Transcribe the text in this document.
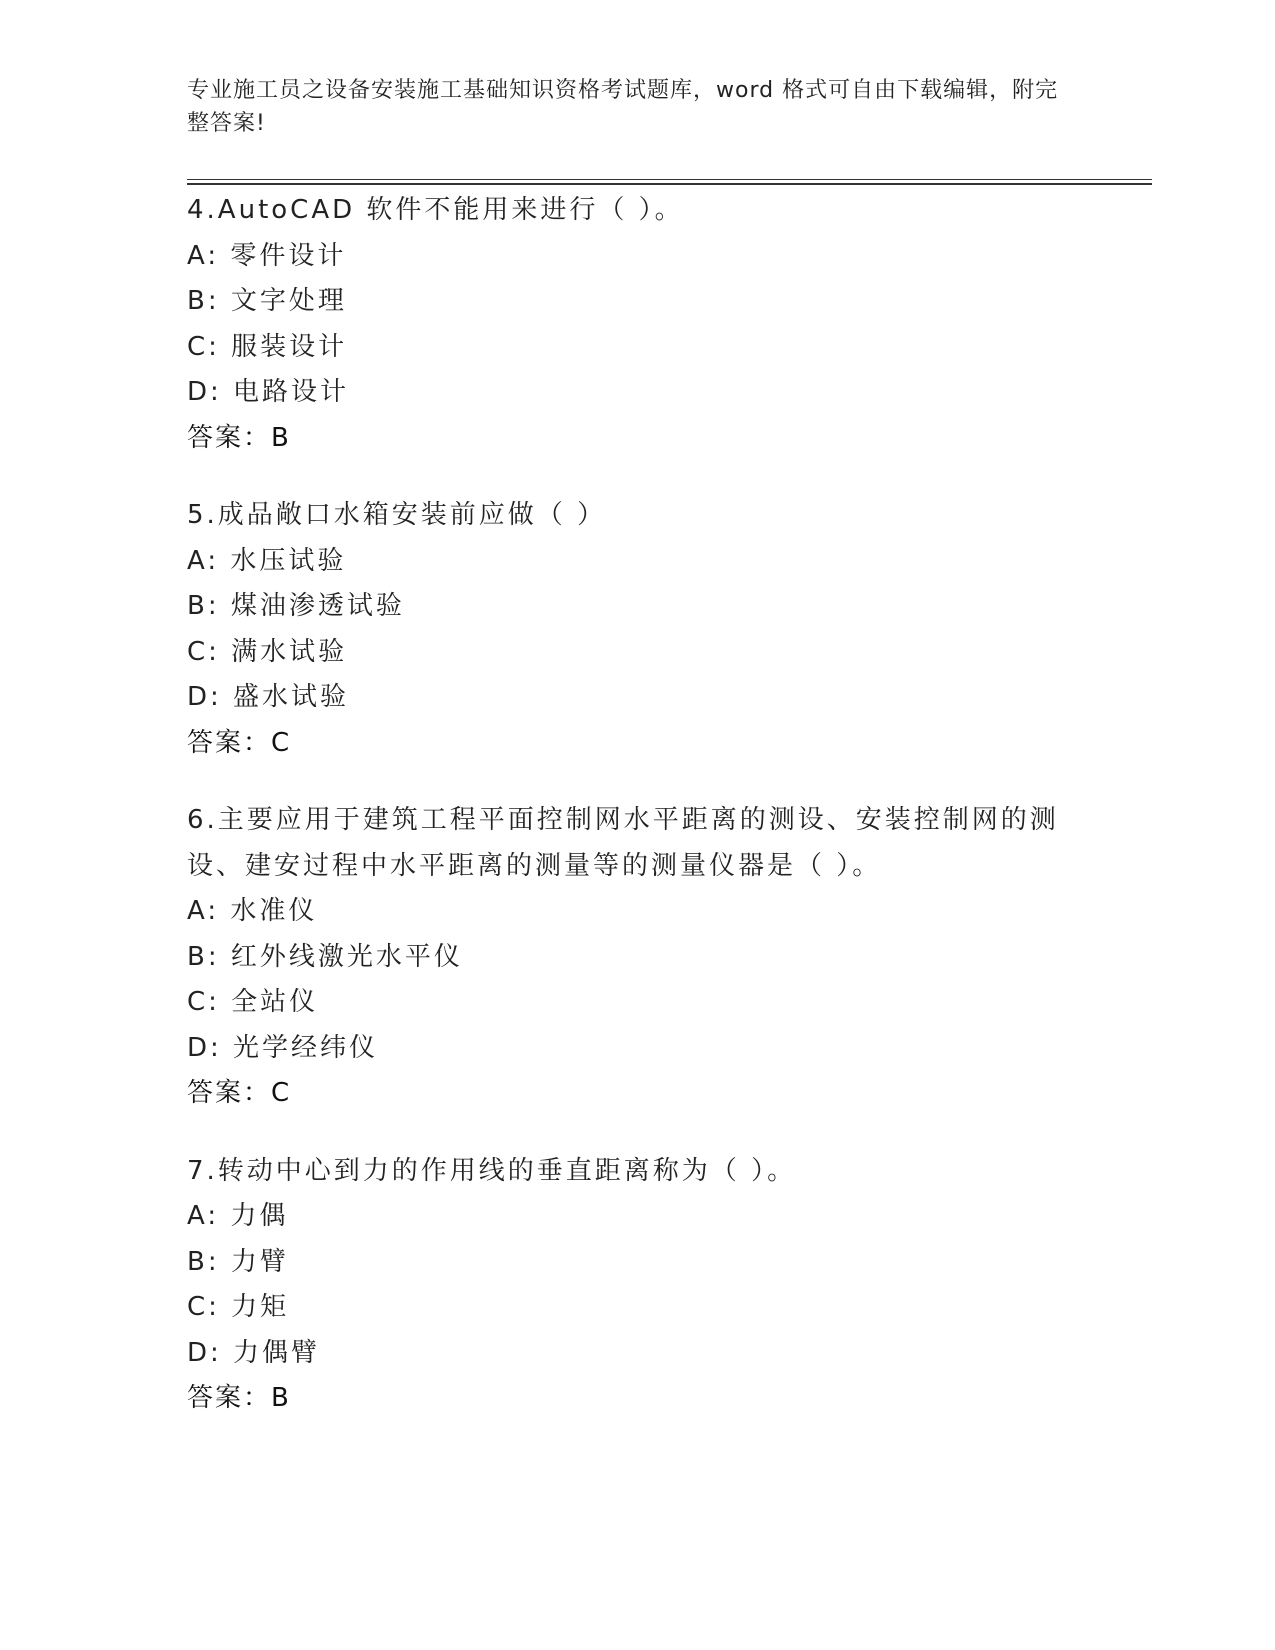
专业施工员之设备安装施工基础知识资格考试题库，word 格式可自由下载编辑，附完整答案!
4.AutoCAD 软件不能用来进行（ ）。
A: 零件设计
B: 文字处理
C: 服装设计
D: 电路设计
答案：B
5.成品敞口水箱安装前应做（ ）
A: 水压试验
B: 煤油渗透试验
C: 满水试验
D: 盛水试验
答案：C
6.主要应用于建筑工程平面控制网水平距离的测设、安装控制网的测设、建安过程中水平距离的测量等的测量仪器是（ ）。
A: 水准仪
B: 红外线激光水平仪
C: 全站仪
D: 光学经纬仪
答案：C
7.转动中心到力的作用线的垂直距离称为（ ）。
A: 力偶
B: 力臂
C: 力矩
D: 力偶臂
答案：B
